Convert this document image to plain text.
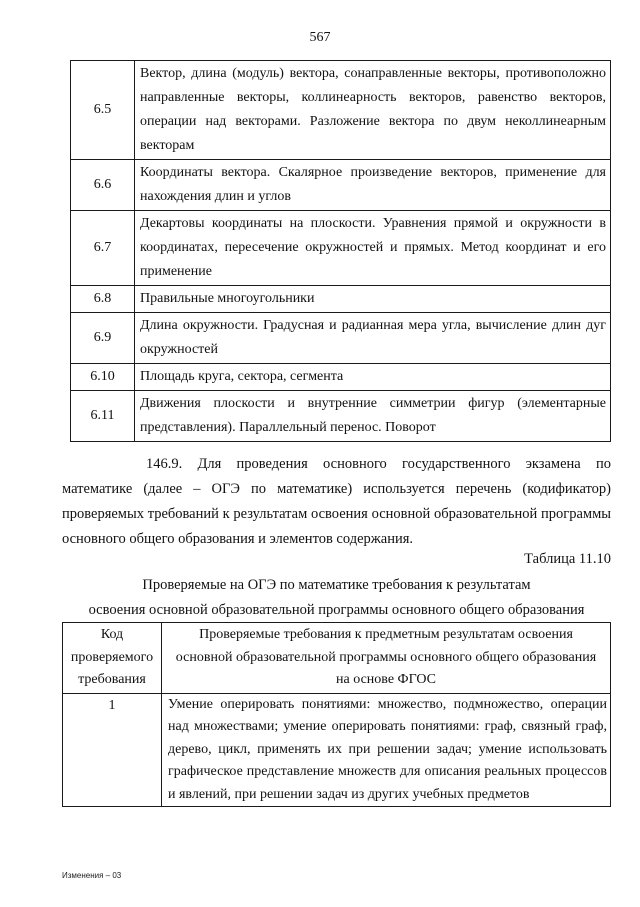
567
6.5	Вектор, длина (модуль) вектора, сонаправленные векторы, противоположно направленные векторы, коллинеарность векторов, равенство векторов, операции над векторами. Разложение вектора по двум неколлинеарным векторам
6.6	Координаты вектора. Скалярное произведение векторов, применение для нахождения длин и углов
6.7	Декартовы координаты на плоскости. Уравнения прямой и окружности в координатах, пересечение окружностей и прямых. Метод координат и его применение
6.8	Правильные многоугольники
6.9	Длина окружности. Градусная и радианная мера угла, вычисление длин дуг окружностей
6.10	Площадь круга, сектора, сегмента
6.11	Движения плоскости и внутренние симметрии фигур (элементарные представления). Параллельный перенос. Поворот

146.9. Для проведения основного государственного экзамена по математике (далее – ОГЭ по математике) используется перечень (кодификатор) проверяемых требований к результатам освоения основной образовательной программы основного общего образования и элементов содержания.

Таблица 11.10
Проверяемые на ОГЭ по математике требования к результатам
освоения основной образовательной программы основного общего образования
Код проверяемого требования	Проверяемые требования к предметным результатам освоения основной образовательной программы основного общего образования на основе ФГОС
1	Умение оперировать понятиями: множество, подмножество, операции над множествами; умение оперировать понятиями: граф, связный граф, дерево, цикл, применять их при решении задач; умение использовать графическое представление множеств для описания реальных процессов и явлений, при решении задач из других учебных предметов
Изменения – 03
